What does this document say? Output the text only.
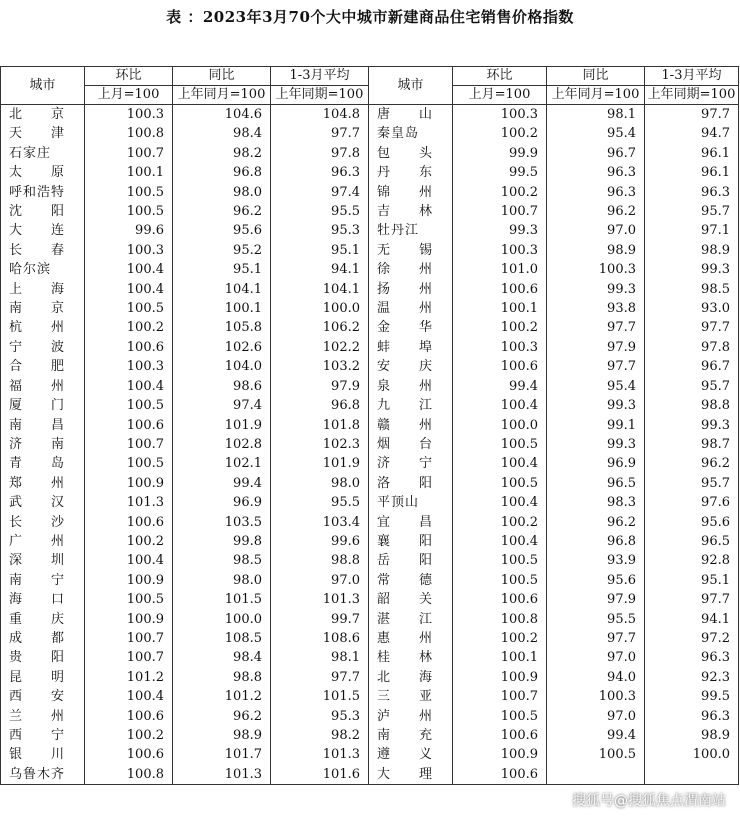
表 ：2023年3月70个大中城市新建商品住宅销售价格指数
城市	环比	同比	1-3月平均	城市	环比	同比	1-3月平均
	上月=100	上年同月=100	上年同期=100		上月=100	上年同月=100	上年同期=100
北　　京	100.3	104.6	104.8	唐　　山	100.3	98.1	97.7
天　　津	100.8	98.4	97.7	秦皇岛	100.2	95.4	94.7
石家庄	100.7	98.2	97.8	包　　头	99.9	96.7	96.1
太　　原	100.1	96.8	96.3	丹　　东	99.5	96.3	96.1
呼和浩特	100.5	98.0	97.4	锦　　州	100.2	96.3	96.3
沈　　阳	100.5	96.2	95.5	吉　　林	100.7	96.2	95.7
大　　连	99.6	95.6	95.3	牡丹江	99.3	97.0	97.1
长　　春	100.3	95.2	95.1	无　　锡	100.3	98.9	98.9
哈尔滨	100.4	95.1	94.1	徐　　州	101.0	100.3	99.3
上　　海	100.4	104.1	104.1	扬　　州	100.6	99.3	98.5
南　　京	100.5	100.1	100.0	温　　州	100.1	93.8	93.0
杭　　州	100.2	105.8	106.2	金　　华	100.2	97.7	97.7
宁　　波	100.6	102.6	102.2	蚌　　埠	100.3	97.9	97.8
合　　肥	100.3	104.0	103.2	安　　庆	100.6	97.7	96.7
福　　州	100.4	98.6	97.9	泉　　州	99.4	95.4	95.7
厦　　门	100.5	97.4	96.8	九　　江	100.4	99.3	98.8
南　　昌	100.6	101.9	101.8	赣　　州	100.0	99.1	99.3
济　　南	100.7	102.8	102.3	烟　　台	100.5	99.3	98.7
青　　岛	100.5	102.1	101.9	济　　宁	100.4	96.9	96.2
郑　　州	100.9	99.4	98.0	洛　　阳	100.5	96.5	95.7
武　　汉	101.3	96.9	95.5	平顶山	100.4	98.3	97.6
长　　沙	100.6	103.5	103.4	宜　　昌	100.2	96.2	95.6
广　　州	100.2	99.8	99.6	襄　　阳	100.4	96.8	96.5
深　　圳	100.4	98.5	98.8	岳　　阳	100.5	93.9	92.8
南　　宁	100.9	98.0	97.0	常　　德	100.5	95.6	95.1
海　　口	100.5	101.5	101.3	韶　　关	100.6	97.9	97.7
重　　庆	100.9	100.0	99.7	湛　　江	100.8	95.5	94.1
成　　都	100.7	108.5	108.6	惠　　州	100.2	97.7	97.2
贵　　阳	100.7	98.4	98.1	桂　　林	100.1	97.0	96.3
昆　　明	101.2	98.8	97.7	北　　海	100.9	94.0	92.3
西　　安	100.4	101.2	101.5	三　　亚	100.7	100.3	99.5
兰　　州	100.6	96.2	95.3	泸　　州	100.5	97.0	96.3
西　　宁	100.2	98.9	98.2	南　　充	100.6	99.4	98.9
银　　川	100.6	101.7	101.3	遵　　义	100.9	100.5	100.0
乌鲁木齐	100.8	101.3	101.6	大　　理	100.6		
搜狐号@搜狐焦点渭南站
